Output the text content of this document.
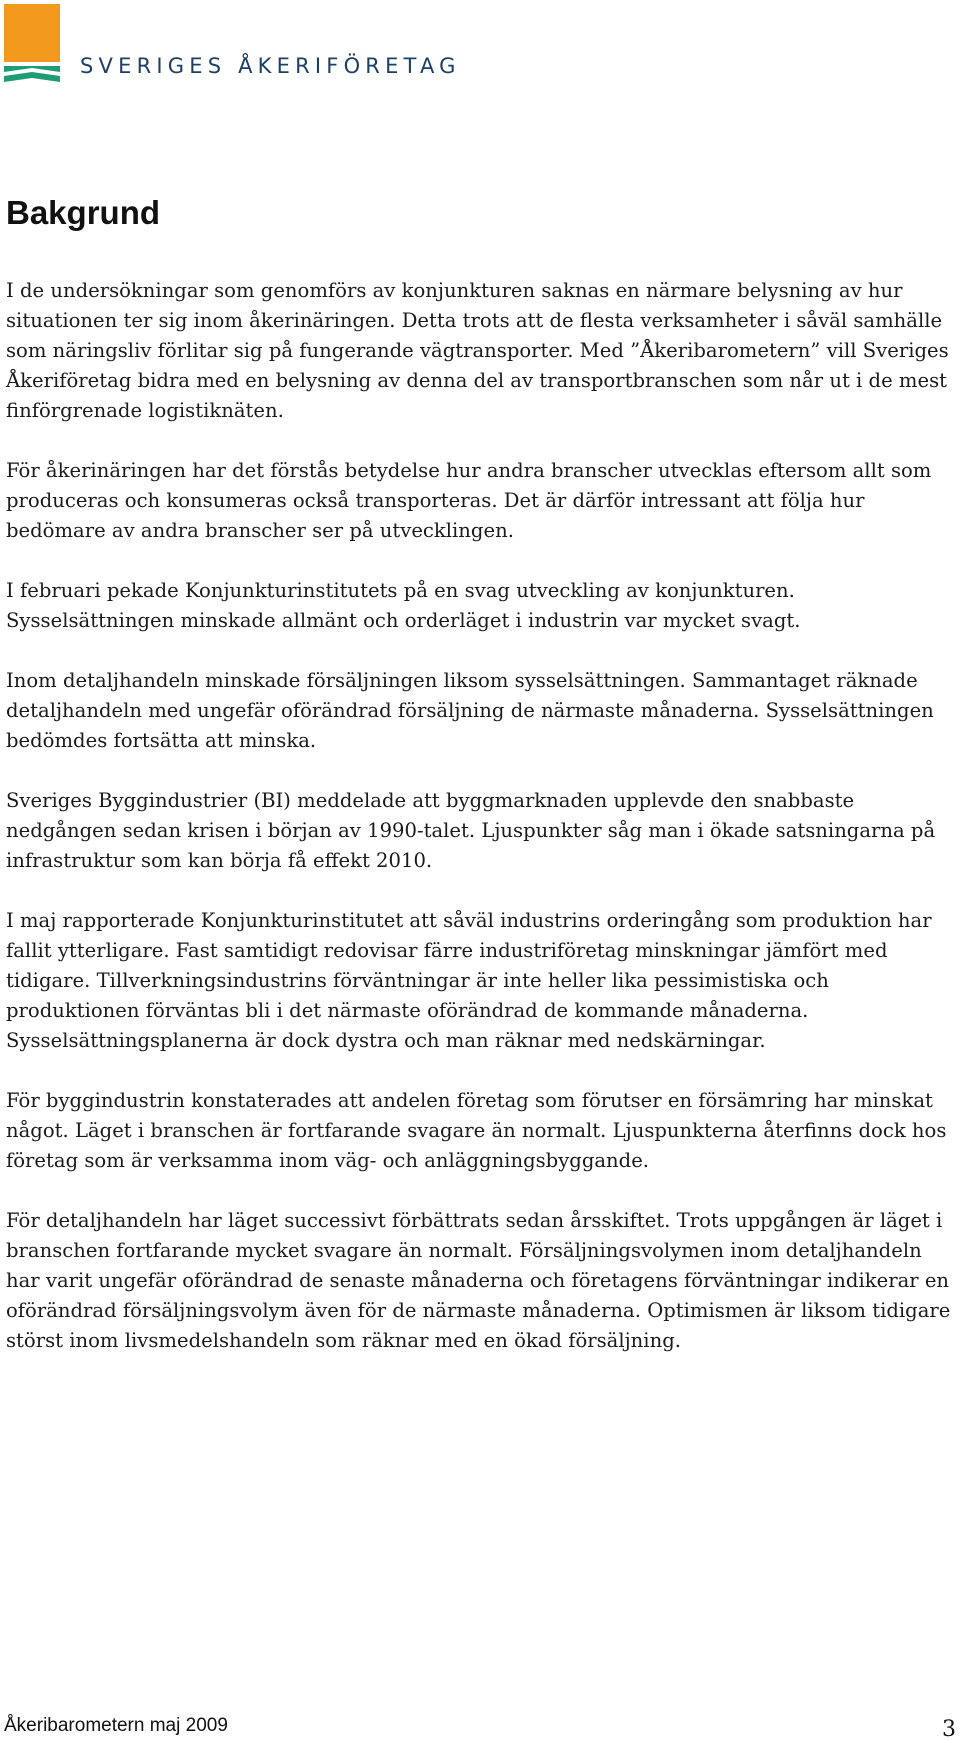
SVERIGES ÅKERIFÖRETAG
Bakgrund

I de undersökningar som genomförs av konjunkturen saknas en närmare belysning av hur situationen ter sig inom åkerinäringen. Detta trots att de flesta verksamheter i såväl samhälle som näringsliv förlitar sig på fungerande vägtransporter. Med ”Åkeribarometern” vill Sveriges Åkeriföretag bidra med en belysning av denna del av transportbranschen som når ut i de mest finförgrenade logistiknäten.

För åkerinäringen har det förstås betydelse hur andra branscher utvecklas eftersom allt som produceras och konsumeras också transporteras. Det är därför intressant att följa hur bedömare av andra branscher ser på utvecklingen.

I februari pekade Konjunkturinstitutets på en svag utveckling av konjunkturen. Sysselsättningen minskade allmänt och orderläget i industrin var mycket svagt.

Inom detaljhandeln minskade försäljningen liksom sysselsättningen. Sammantaget räknade detaljhandeln med ungefär oförändrad försäljning de närmaste månaderna. Sysselsättningen bedömdes fortsätta att minska.

Sveriges Byggindustrier (BI) meddelade att byggmarknaden upplevde den snabbaste nedgången sedan krisen i början av 1990-talet. Ljuspunkter såg man i ökade satsningarna på infrastruktur som kan börja få effekt 2010.

I maj rapporterade Konjunkturinstitutet att såväl industrins orderingång som produktion har fallit ytterligare. Fast samtidigt redovisar färre industriföretag minskningar jämfört med tidigare. Tillverkningsindustrins förväntningar är inte heller lika pessimistiska och produktionen förväntas bli i det närmaste oförändrad de kommande månaderna. Sysselsättningsplanerna är dock dystra och man räknar med nedskärningar.

För byggindustrin konstaterades att andelen företag som förutser en försämring har minskat något. Läget i branschen är fortfarande svagare än normalt. Ljuspunkterna återfinns dock hos företag som är verksamma inom väg- och anläggningsbyggande.

För detaljhandeln har läget successivt förbättrats sedan årsskiftet. Trots uppgången är läget i branschen fortfarande mycket svagare än normalt. Försäljningsvolymen inom detaljhandeln har varit ungefär oförändrad de senaste månaderna och företagens förväntningar indikerar en oförändrad försäljningsvolym även för de närmaste månaderna. Optimismen är liksom tidigare störst inom livsmedelshandeln som räknar med en ökad försäljning.

Åkeribarometern maj 2009	3
